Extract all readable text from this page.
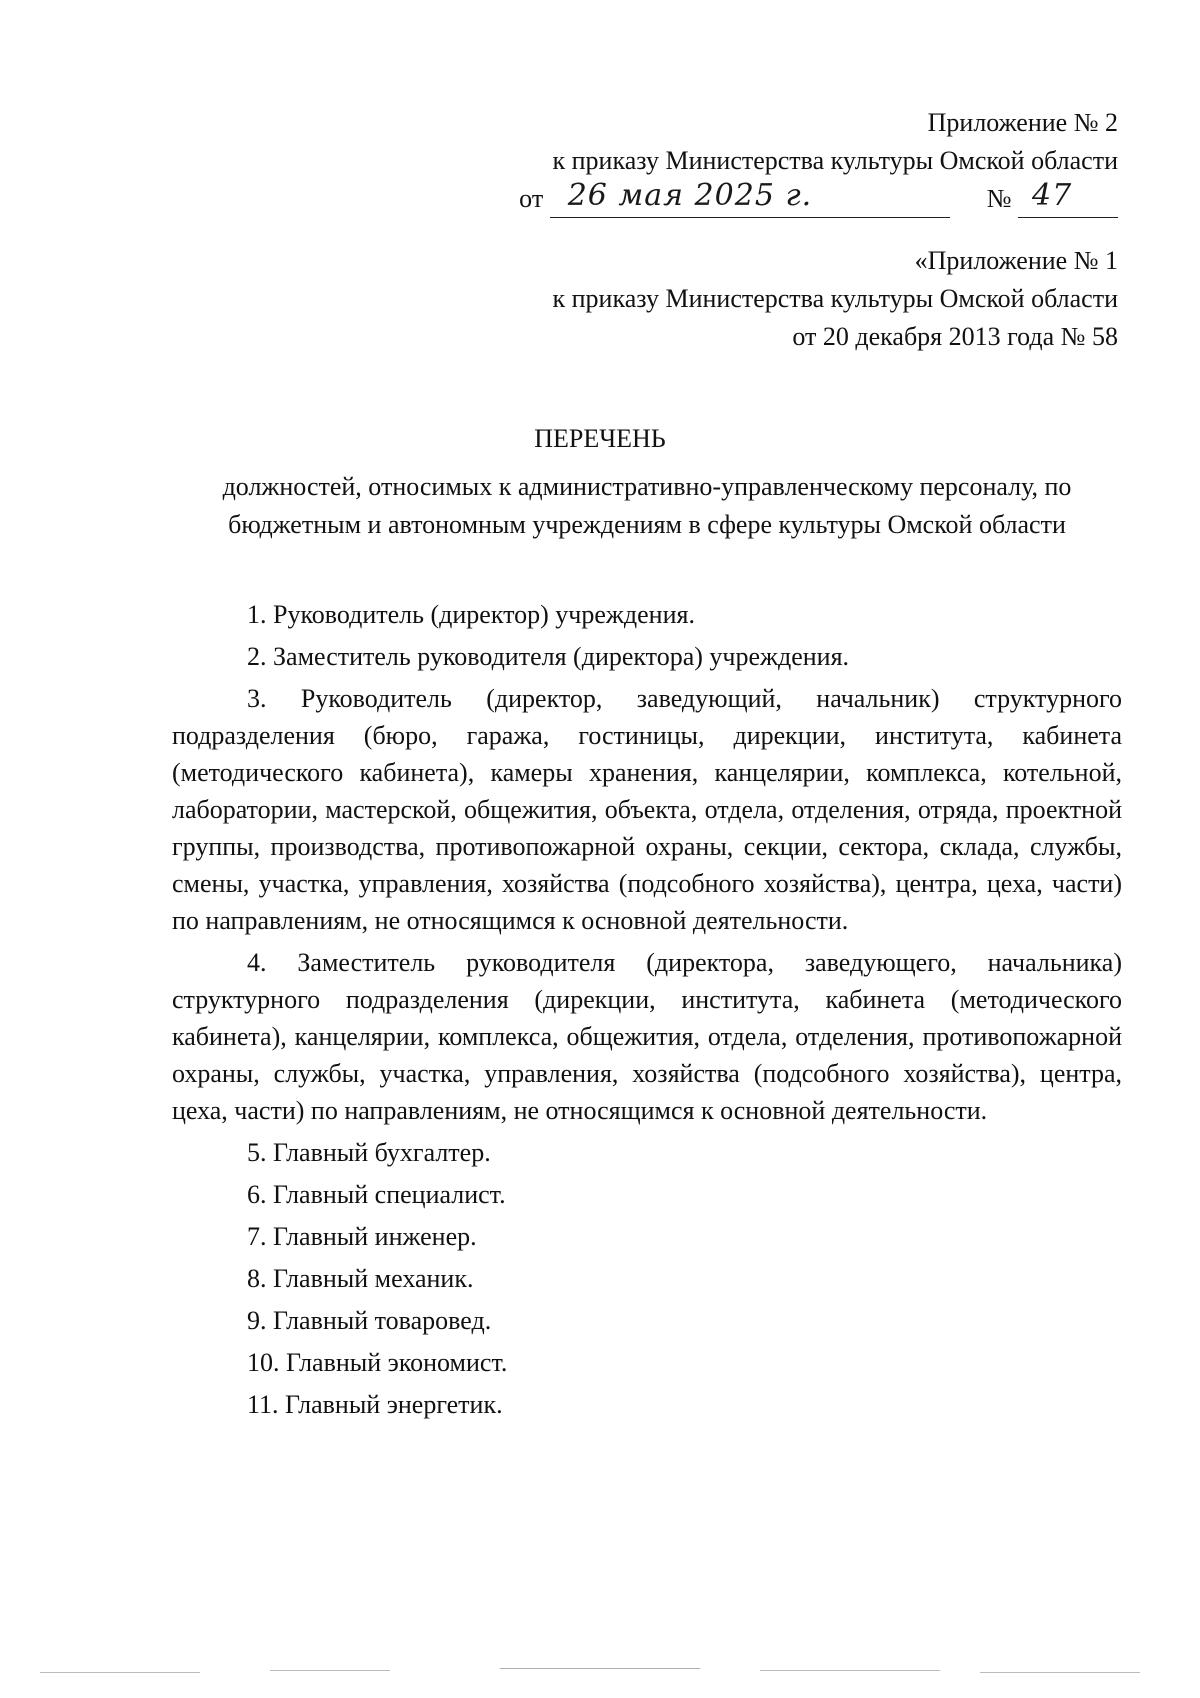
Приложение № 2
к приказу Министерства культуры Омской области
от 26 мая 2025 г.	№ 47
«Приложение № 1
к приказу Министерства культуры Омской области
от 20 декабря 2013 года № 58
ПЕРЕЧЕНЬ
должностей, относимых к административно-управленческому персоналу, по
бюджетным и автономным учреждениям в сфере культуры Омской области

1. Руководитель (директор) учреждения.

2. Заместитель руководителя (директора) учреждения.

3. Руководитель (директор, заведующий, начальник) структурного подразделения (бюро, гаража, гостиницы, дирекции, института, кабинета (методического кабинета), камеры хранения, канцелярии, комплекса, котельной, лаборатории, мастерской, общежития, объекта, отдела, отделения, отряда, проектной группы, производства, противопожарной охраны, секции, сектора, склада, службы, смены, участка, управления, хозяйства (подсобного хозяйства), центра, цеха, части) по направлениям, не относящимся к основной деятельности.

4. Заместитель руководителя (директора, заведующего, начальника) структурного подразделения (дирекции, института, кабинета (методического кабинета), канцелярии, комплекса, общежития, отдела, отделения, противопожарной охраны, службы, участка, управления, хозяйства (подсобного хозяйства), центра, цеха, части) по направлениям, не относящимся к основной деятельности.

5. Главный бухгалтер.

6. Главный специалист.

7. Главный инженер.

8. Главный механик.

9. Главный товаровед.

10. Главный экономист.

11. Главный энергетик.
